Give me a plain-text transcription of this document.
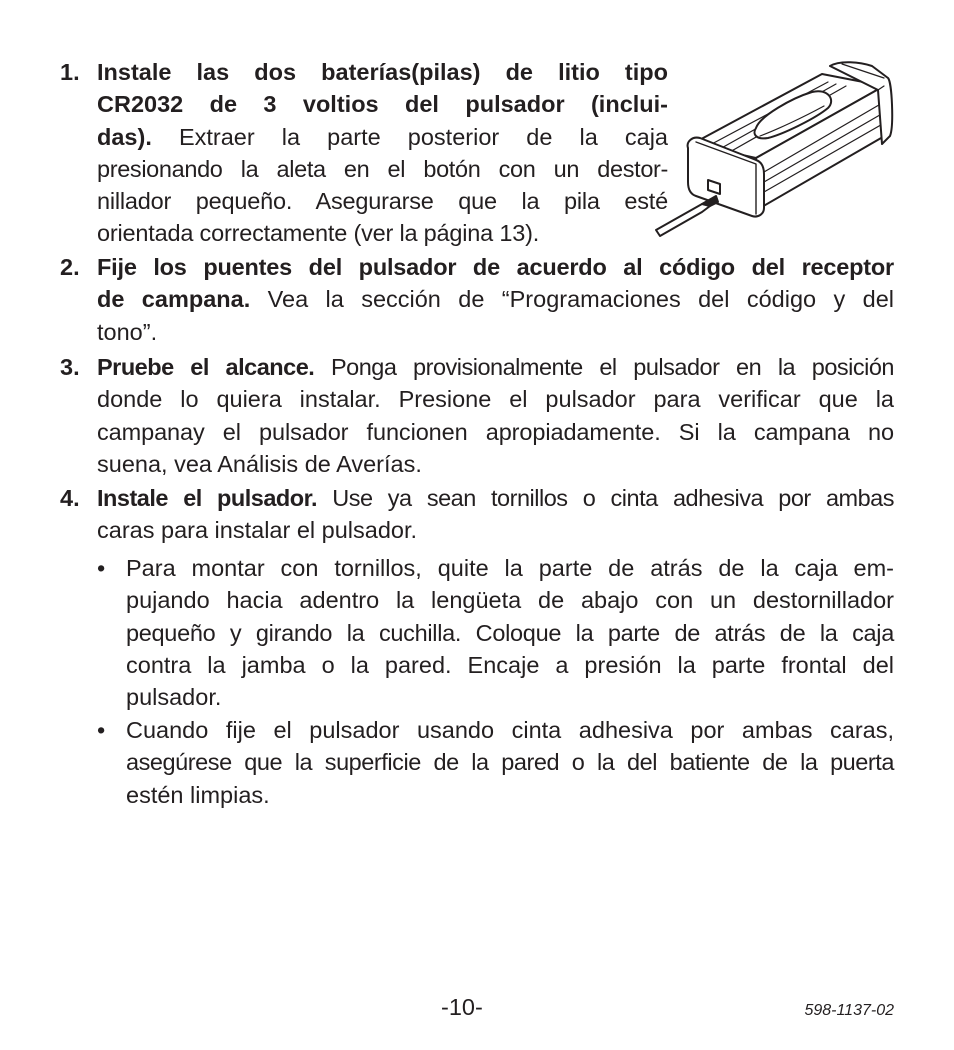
1. Instale las dos baterías(pilas) de litio tipo
CR2032 de 3 voltios del pulsador (inclui-
das). Extraer la parte posterior de la caja
presionando la aleta en el botón con un destor-
nillador pequeño. Asegurarse que la pila esté
orientada correctamente (ver la página 13).
2. Fije los puentes del pulsador de acuerdo al código del receptor
de campana. Vea la sección de “Programaciones del código y del
tono”.
3. Pruebe el alcance. Ponga provisionalmente el pulsador en la posición
donde lo quiera instalar. Presione el pulsador para verificar que la
campanay el pulsador funcionen apropiadamente. Si la campana no
suena, vea Análisis de Averías.
4. Instale el pulsador. Use ya sean tornillos o cinta adhesiva por ambas
caras para instalar el pulsador.
• Para montar con tornillos, quite la parte de atrás de la caja em-
pujando hacia adentro la lengüeta de abajo con un destornillador
pequeño y girando la cuchilla. Coloque la parte de atrás de la caja
contra la jamba o la pared. Encaje a presión la parte frontal del
pulsador.
• Cuando fije el pulsador usando cinta adhesiva por ambas caras,
asegúrese que la superficie de la pared o la del batiente de la puerta
estén limpias.
-10-	598-1137-02
